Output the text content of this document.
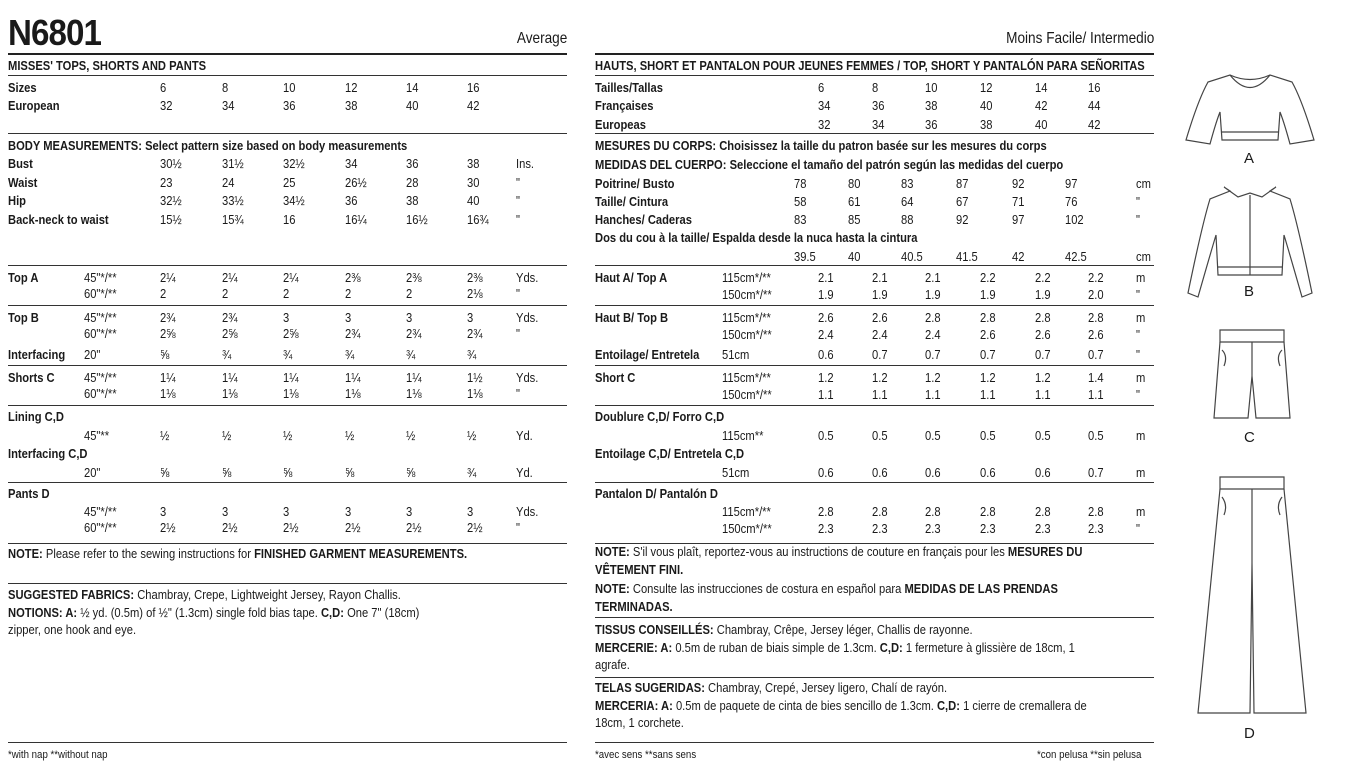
N6801	Average
MISSES' TOPS, SHORTS AND PANTS
Sizes	6	8	10	12	14	16
European	32	34	36	38	40	42
BODY MEASUREMENTS: Select pattern size based on body measurements
Bust	30½	31½	32½	34	36	38	Ins.
Waist	23	24	25	26½	28	30	"
Hip	32½	33½	34½	36	38	40	"
Back-neck to waist	15½	15¾	16	16¼	16½	16¾ "
Top A	45"*/**	2¼	2¼	2¼	2⅜	2⅜	2⅜	Yds.
60"*/**	2	2	2	2	2	2⅛	"
Top B	45"*/**	2¾	2¾	3	3	3	3	Yds.
60"*/**	2⅝	2⅝	2⅝	2¾	2¾	2¾	"
Interfacing 20"	⅝	¾	¾	¾	¾	¾
Shorts C 45"*/**	1¼	1¼	1¼	1¼	1¼	1½	Yds.
60"*/**	1⅛	1⅛	1⅛	1⅛	1⅛	1⅛	"
Lining C,D
45"**	½	½	½	½	½	½	Yd.
Interfacing C,D
20"	⅝	⅝	⅝	⅝	⅝	¾	Yd.
Pants D
45"*/**	3	3	3	3	3	3	Yds.
60"*/**	2½	2½	2½	2½	2½	2½	"
NOTE: Please refer to the sewing instructions for FINISHED GARMENT MEASUREMENTS.
SUGGESTED FABRICS: Chambray, Crepe, Lightweight Jersey, Rayon Challis.
NOTIONS: A: ½ yd. (0.5m) of ½" (1.3cm) single fold bias tape. C,D: One 7" (18cm)
zipper, one hook and eye.
*with nap **without nap
Moins Facile/ Intermedio
HAUTS, SHORT ET PANTALON POUR JEUNES FEMMES / TOP, SHORT Y PANTALÓN PARA SEÑORITAS
Tailles/Tallas	6	8	10	12	14	16
Françaises	34	36	38	40	42	44
Europeas	32	34	36	38	40	42
MESURES DU CORPS: Choisissez la taille du patron basée sur les mesures du corps
MEDIDAS DEL CUERPO: Seleccione el tamaño del patrón según las medidas del cuerpo
Poitrine/ Busto	78	80	83	87	92	97	cm
Taille/ Cintura	58	61	64	67	71	76	"
Hanches/ Caderas	83	85	88	92	97	102	"
Dos du cou à la taille/ Espalda desde la nuca hasta la cintura
39.5 40	40.5	41.5	42	42.5	cm
Haut A/ Top A	115cm*/**	2.1	2.1	2.1	2.2	2.2	2.2 m
150cm*/**	1.9	1.9	1.9	1.9	1.9	2.0 "
Haut B/ Top B	115cm*/**	2.6	2.6	2.8	2.8	2.8	2.8 m
150cm*/**	2.4	2.4	2.4	2.6	2.6	2.6 "
Entoilage/ Entretela 51cm	0.6	0.7	0.7	0.7	0.7	0.7 "
Short C	115cm*/**	1.2	1.2	1.2	1.2	1.2	1.4 m
150cm*/**	1.1	1.1	1.1	1.1	1.1	1.1 "
Doublure C,D/ Forro C,D
115cm**	0.5	0.5	0.5	0.5	0.5	0.5 m
Entoilage C,D/ Entretela C,D
51cm	0.6	0.6	0.6	0.6	0.6	0.7 m
Pantalon D/ Pantalón D
115cm*/**	2.8	2.8	2.8	2.8	2.8	2.8 m
150cm*/**	2.3	2.3	2.3	2.3	2.3	2.3 "
NOTE: S'il vous plaît, reportez-vous au instructions de couture en français pour les MESURES DU
VÊTEMENT FINI.
NOTE: Consulte las instrucciones de costura en español para MEDIDAS DE LAS PRENDAS
TERMINADAS.
TISSUS CONSEILLÉS: Chambray, Crêpe, Jersey léger, Challis de rayonne.
MERCERIE: A: 0.5m de ruban de biais simple de 1.3cm. C,D: 1 fermeture à glissière de 18cm, 1
agrafe.
TELAS SUGERIDAS: Chambray, Crepé, Jersey ligero, Chalí de rayón.
MERCERIA: A: 0.5m de paquete de cinta de bies sencillo de 1.3cm. C,D: 1 cierre de cremallera de
18cm, 1 corchete.
*avec sens **sans sens	*con pelusa **sin pelusa
A
B
C
D
